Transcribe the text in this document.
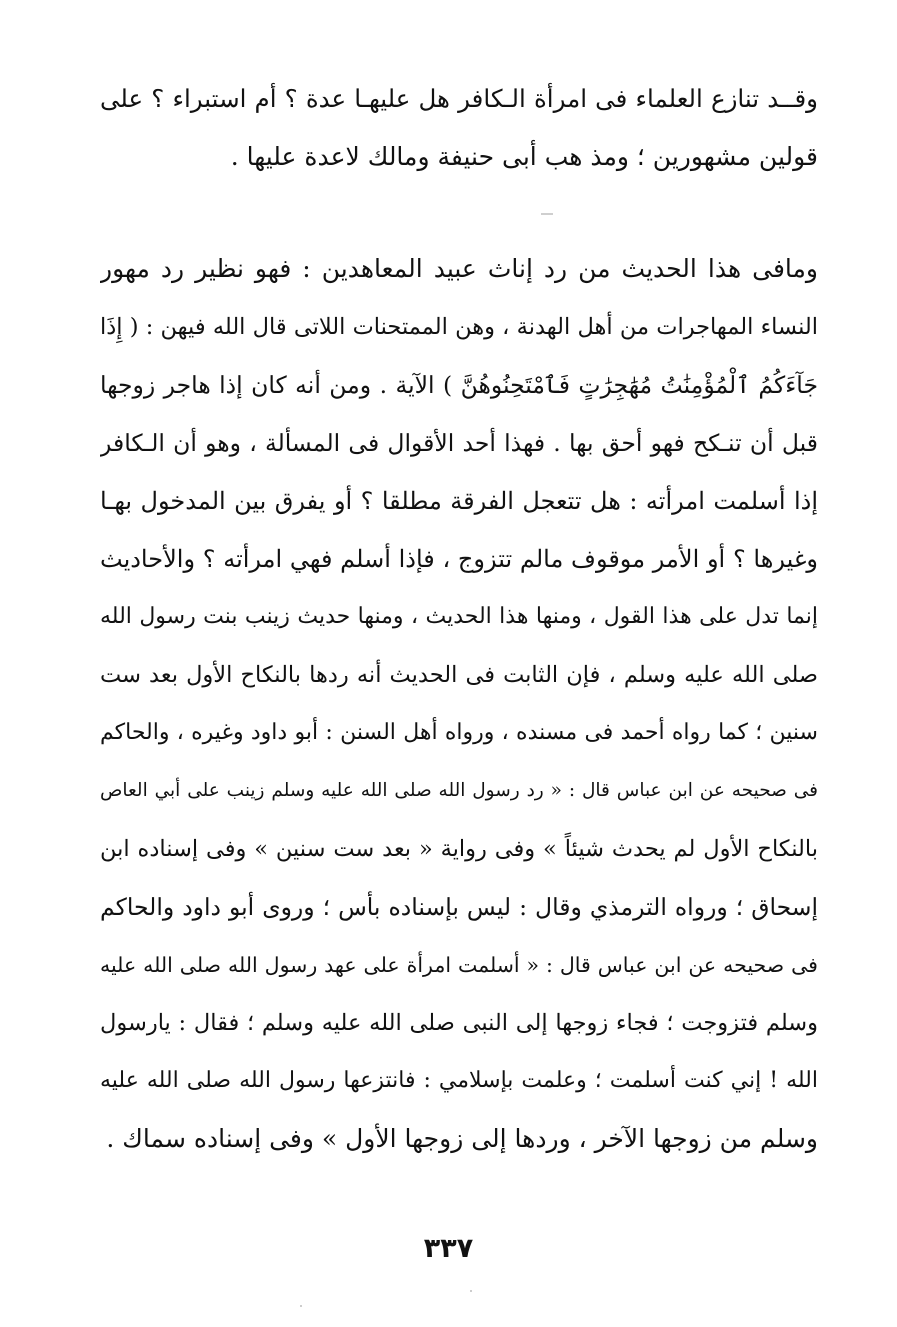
وقــد تنازع العلماء فى امرأة الـكافر هل عليهـا عدة ؟ أم استبراء ؟ على
قولين مشهورين ؛ ومذ هب أبى حنيفة ومالك لاعدة عليها .
ومافى هذا الحديث من رد إناث عبيد المعاهدين : فهو نظير رد مهور
النساء المهاجرات من أهل الهدنة ، وهن الممتحنات اللاتى قال الله فيهن : ( إِذَا
جَآءَكُمُ ٱلْمُؤْمِنَٰتُ مُهَٰجِرَٰتٍ فَٱمْتَحِنُوهُنَّ ) الآية . ومن أنه كان إذا هاجر زوجها
قبل أن تنـكح فهو أحق بها . فهذا أحد الأقوال فى المسألة ، وهو أن الـكافر
إذا أسلمت امرأته : هل تتعجل الفرقة مطلقا ؟ أو يفرق بين المدخول بهـا
وغيرها ؟ أو الأمر موقوف مالم تتزوج ، فإذا أسلم فهي امرأته ؟ والأحاديث
إنما تدل على هذا القول ، ومنها هذا الحديث ، ومنها حديث زينب بنت رسول الله
صلى الله عليه وسلم ، فإن الثابت فى الحديث أنه ردها بالنكاح الأول بعد ست
سنين ؛ كما رواه أحمد فى مسنده ، ورواه أهل السنن : أبو داود وغيره ، والحاكم
فى صحيحه عن ابن عباس قال : « رد رسول الله صلى الله عليه وسلم زينب على أبي العاص
بالنكاح الأول لم يحدث شيئاً » وفى رواية « بعد ست سنين » وفى إسناده ابن
إسحاق ؛ ورواه الترمذي وقال : ليس بإسناده بأس ؛ وروى أبو داود والحاكم
فى صحيحه عن ابن عباس قال : « أسلمت امرأة على عهد رسول الله صلى الله عليه
وسلم فتزوجت ؛ فجاء زوجها إلى النبى صلى الله عليه وسلم ؛ فقال : يارسول
الله ! إني كنت أسلمت ؛ وعلمت بإسلامي : فانتزعها رسول الله صلى الله عليه
وسلم من زوجها الآخر ، وردها إلى زوجها الأول » وفى إسناده سماك .
٣٣٧
